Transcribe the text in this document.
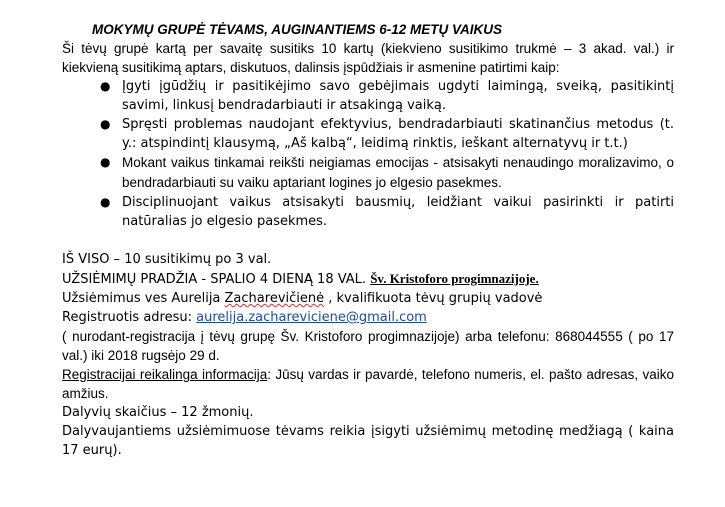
MOKYMŲ GRUPĖ TĖVAMS, AUGINANTIEMS 6-12 METŲ VAIKUS

Ši tėvų grupė kartą per savaitę susitiks 10 kartų (kiekvieno susitikimo trukmė – 3 akad. val.) ir kiekvieną susitikimą aptars, diskutuos, dalinsis įspūdžiais ir asmenine patirtimi kaip:

● Įgyti įgūdžių ir pasitikėjimo savo gebėjimais ugdyti laimingą, sveiką, pasitikintį savimi, linkusį bendradarbiauti ir atsakingą vaiką.
● Spręsti problemas naudojant efektyvius, bendradarbiauti skatinančius metodus (t. y.: atspindintį klausymą, „Aš kalbą“, leidimą rinktis, ieškant alternatyvų ir t.t.)
● Mokant vaikus tinkamai reikšti neigiamas emocijas - atsisakyti nenaudingo moralizavimo, o bendradarbiauti su vaiku aptariant logines jo elgesio pasekmes.
● Disciplinuojant vaikus atsisakyti bausmių, leidžiant vaikui pasirinkti ir patirti natūralias jo elgesio pasekmes.

IŠ VISO – 10 susitikimų po 3 val.

UŽSIĖMIMŲ PRADŽIA - SPALIO 4 DIENĄ 18 VAL. Šv. Kristoforo progimnazijoje.

Užsiėmimus ves Aurelija Zacharevičienė , kvalifikuota tėvų grupių vadovė

Registruotis adresu: aurelija.zachareviciene@gmail.com

( nurodant-registracija į tėvų grupę Šv. Kristoforo progimnazijoje) arba telefonu: 868044555 ( po 17 val.) iki 2018 rugsėjo 29 d.

Registracijai reikalinga informacija: Jūsų vardas ir pavardė, telefono numeris, el. pašto adresas, vaiko amžius.

Dalyvių skaičius – 12 žmonių.

Dalyvaujantiems užsiėmimuose tėvams reikia įsigyti užsiėmimų metodinę medžiagą ( kaina 17 eurų).
